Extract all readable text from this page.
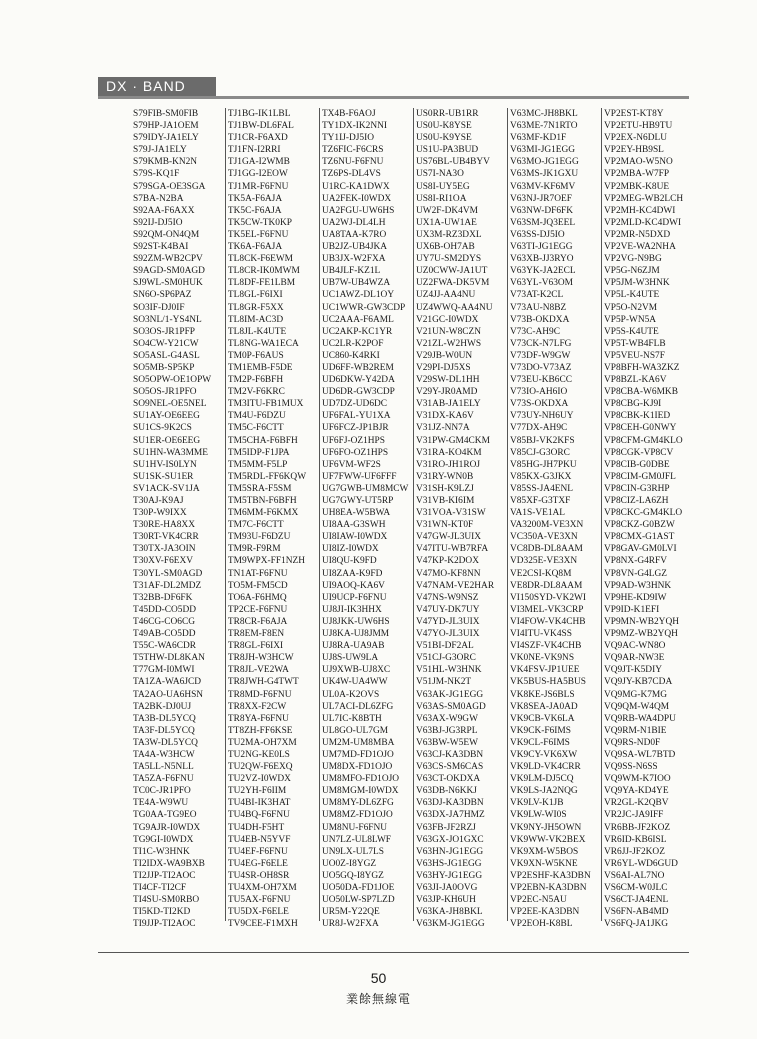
DX · BAND
S79FIB-SM0FIB
S79HP-JA1OEM
S79IDY-JA1ELY
S79J-JA1ELY
S79KMB-KN2N
S79S-KQ1F
S79SGA-OE3SGA
S7BA-N2BA
S92AA-F6AXX
S92IJ-DJ5IO
S92QM-ON4QM
S92ST-K4BAI
S92ZM-WB2CPV
S9AGD-SM0AGD
SJ9WL-SM0HUK
SN6O-SP6PAZ
SO3IF-DJ0IF
SO3NL/1-YS4NL
SO3OS-JR1PFP
SO4CW-Y21CW
SO5ASL-G4ASL
SO5MB-SP5KP
SO5OPW-OE1OPW
SO5OS-JR1PFO
SO9NEL-OE5NEL
SU1AY-OE6EEG
SU1CS-9K2CS
SU1ER-OE6EEG
SU1HN-WA3MME
SU1HV-IS0LYN
SU1SK-SU1ER
SV1ACK-SV1JA
T30AJ-K9AJ
T30P-W9IXX
T30RE-HA8XX
T30RT-VK4CRR
T30TX-JA3OIN
T30XV-F6EXV
T30YL-SM0AGD
T31AF-DL2MDZ
T32BB-DF6FK
T45DD-CO5DD
T46CG-CO6CG
T49AB-CO5DD
T55C-WA6CDR
T5THW-DL8KAN
T77GM-I0MWI
TA1ZA-WA6JCD
TA2AO-UA6HSN
TA2BK-DJ0UJ
TA3B-DL5YCQ
TA3F-DL5YCQ
TA3W-DL5YCQ
TA4A-W3HCW
TA5LL-N5NLL
TA5ZA-F6FNU
TC0C-JR1PFO
TE4A-W9WU
TG0AA-TG9EO
TG9AJR-I0WDX
TG9GI-I0WDX
TI1C-W3HNK
TI2IDX-WA9BXB
TI2JJP-TI2AOC
TI4CF-TI2CF
TI4SU-SM0RBO
TI5KD-TI2KD
TI9JJP-TI2AOC
TJ1BG-IK1LBL
TJ1BW-DL6FAL
TJ1CR-F6AXD
TJ1FN-I2RRI
TJ1GA-I2WMB
TJ1GG-I2EOW
TJ1MR-F6FNU
TK5A-F6AJA
TK5C-F6AJA
TK5CW-TK0KP
TK5EL-F6FNU
TK6A-F6AJA
TL8CK-F6EWM
TL8CR-IK0MWM
TL8DF-FE1LBM
TL8GL-F6IXI
TL8GR-F5XX
TL8IM-AC3D
TL8JL-K4UTE
TL8NG-WA1ECA
TM0P-F6AUS
TM1EMB-F5DE
TM2P-F6BFH
TM2V-F6KRC
TM3ITU-FB1MUX
TM4U-F6DZU
TM5C-F6CTT
TM5CHA-F6BFH
TM5IDP-F1JPA
TM5MM-F5LP
TM5RDL-FF6KQW
TM5SRA-F5SM
TM5TBN-F6BFH
TM6MM-F6KMX
TM7C-F6CTT
TM93U-F6DZU
TM9R-F9RM
TM9WPX-FF1NZH
TN1AT-F6FNU
TO5M-FM5CD
TO6A-F6HMQ
TP2CE-F6FNU
TR8CR-F6AJA
TR8EM-F8EN
TR8GL-F6IXI
TR8JH-W3HCW
TR8JL-VE2WA
TR8JWH-G4TWT
TR8MD-F6FNU
TR8XX-F2CW
TR8YA-F6FNU
TT8ZH-FF6KSE
TU2MA-OH7XM
TU2NG-KE0LS
TU2QW-F6EXQ
TU2VZ-I0WDX
TU2YH-F6IIM
TU4BI-IK3HAT
TU4BQ-F6FNU
TU4DH-F5HT
TU4EB-N5YVF
TU4EF-F6FNU
TU4EG-F6ELE
TU4SR-OH8SR
TU4XM-OH7XM
TU5AX-F6FNU
TU5DX-F6ELE
TV9CEE-F1MXH
TX4B-F6AOJ
TY1DX-IK2NNI
TY1IJ-DJ5IO
TZ6FIC-F6CRS
TZ6NU-F6FNU
TZ6PS-DL4VS
U1RC-KA1DWX
UA2FEK-I0WDX
UA2FGU-UW6HS
UA2WJ-DL4LH
UA8TAA-K7RO
UB2JZ-UB4JKA
UB3JX-W2FXA
UB4JLF-KZ1L
UB7W-UB4WZA
UC1AWZ-DL1OY
UC1WWR-GW3CDP
UC2AAA-F6AML
UC2AKP-KC1YR
UC2LR-K2POF
UC860-K4RKI
UD6FF-WB2REM
UD6DKW-Y42DA
UD6DR-GW3CDP
UD7DZ-UD6DC
UF6FAL-YU1XA
UF6FCZ-JP1BJR
UF6FJ-OZ1HPS
UF6FO-OZ1HPS
UF6VM-WF2S
UF7FWW-UF6FFF
UG7GWB-UM8MCW
UG7GWY-UT5RP
UH8EA-W5BWA
UI8AA-G3SWH
UI8IAW-I0WDX
UI8IZ-I0WDX
UI8QU-K9FD
UI8ZAA-K9FD
UI9AOQ-KA6V
UI9UCP-F6FNU
UJ8JI-IK3HHX
UJ8JKK-UW6HS
UJ8KA-UJ8JMM
UJ8RA-UA9AB
UJ8S-UW9LA
UJ9XWB-UJ8XC
UK4W-UA4WW
UL0A-K2OVS
UL7ACI-DL6ZFG
UL7IC-K8BTH
UL8GO-UL7GM
UM2M-UM8MBA
UM7MD-FD1OJO
UM8DX-FD1OJO
UM8MFO-FD1OJO
UM8MGM-I0WDX
UM8MY-DL6ZFG
UM8MZ-FD1OJO
UM8NU-F6FNU
UN7LZ-UL8LWF
UN9LX-UL7LS
UO0Z-I8YGZ
UO5GQ-I8YGZ
UO50DA-FD1JOE
UO50LW-SP7LZD
UR5M-Y22QE
UR8J-W2FXA
US0RR-UB1RR
US0U-K8YSE
US0U-K9YSE
US1U-PA3BUD
US76BL-UB4BYV
US7I-NA3O
US8I-UY5EG
US8I-RI1OA
UW2F-DK4VM
UX1A-UW1AE
UX3M-RZ3DXL
UX6B-OH7AB
UY7U-SM2DYS
UZ0CWW-JA1UT
UZ2FWA-DK5VM
UZ4JJ-AA4NU
UZ4WWQ-AA4NU
V21GC-I0WDX
V21UN-W8CZN
V21ZL-W2HWS
V29JB-W0UN
V29PI-DJ5XS
V29SW-DL1HH
V29Y-JR0AMD
V31AB-JA1ELY
V31DX-KA6V
V31JZ-NN7A
V31PW-GM4CKM
V31RA-KO4KM
V31RO-JH1ROJ
V31RY-WN0B
V31SH-K9LZJ
V31VB-KI6IM
V31VOA-V31SW
V31WN-KT0F
V47GW-JL3UIX
V47ITU-WB7RFA
V47KP-K2DOX
V47MO-KF8NN
V47NAM-VE2HAR
V47NS-W9NSZ
V47UY-DK7UY
V47YD-JL3UIX
V47YO-JL3UIX
V51BI-DF2AL
V51CJ-G3ORC
V51HL-W3HNK
V51JM-NK2T
V63AK-JG1EGG
V63AS-SM0AGD
V63AX-W9GW
V63BJ-JG3RPL
V63BW-W5EW
V63CJ-KA3DBN
V63CS-SM6CAS
V63CT-OKDXA
V63DB-N6KKJ
V63DJ-KA3DBN
V63DX-JA7HMZ
V63FB-JF2RZJ
V63GX-JO1GXC
V63HN-JG1EGG
V63HS-JG1EGG
V63HY-JG1EGG
V63JI-JA0OVG
V63JP-KH6UH
V63KA-JH8BKL
V63KM-JG1EGG
V63MC-JH8BKL
V63ME-7N1RTO
V63MF-KD1F
V63MI-JG1EGG
V63MO-JG1EGG
V63MS-JK1GXU
V63MV-KF6MV
V63NJ-JR7OEF
V63NW-DF6FK
V63SM-JQ3EEL
V63SS-DJ5IO
V63TI-JG1EGG
V63XB-JJ3RYO
V63YK-JA2ECL
V63YL-V63OM
V73AT-K2CL
V73AU-N8BZ
V73B-OKDXA
V73C-AH9C
V73CK-N7LFG
V73DF-W9GW
V73DO-V73AZ
V73EU-KB6CC
V73IO-AH6IO
V73S-OKDXA
V73UY-NH6UY
V77DX-AH9C
V85BJ-VK2KFS
V85CJ-G3ORC
V85HG-JH7PKU
V85KX-G3JKX
V85SS-JA4ENL
V85XF-G3TXF
VA1S-VE1AL
VA3200M-VE3XN
VC350A-VE3XN
VC8DB-DL8AAM
VD325E-VE3XN
VE2CSI-KQ8M
VE8DR-DL8AAM
VI150SYD-VK2WI
VI3MEL-VK3CRP
VI4FOW-VK4CHB
VI4ITU-VK4SS
VI4SZF-VK4CHB
VK0NE-VK9NS
VK4FSV-JP1UEE
VK5BUS-HA5BUS
VK8KE-JS6BLS
VK8SEA-JA0AD
VK9CB-VK6LA
VK9CK-F6IMS
VK9CL-F6IMS
VK9CY-VK6XW
VK9LD-VK4CRR
VK9LM-DJ5CQ
VK9LS-JA2NQG
VK9LV-K1JB
VK9LW-WI0S
VK9NY-JH5OWN
VK9WW-VK2BEX
VK9XM-W5BOS
VK9XN-W5KNE
VP2ESHF-KA3DBN
VP2EBN-KA3DBN
VP2EC-N5AU
VP2EE-KA3DBN
VP2EOH-K8BL
VP2EST-KT8Y
VP2ETU-HB9TU
VP2EX-N6DLU
VP2EY-HB9SL
VP2MAO-W5NO
VP2MBA-W7FP
VP2MBK-K8UE
VP2MEG-WB2LCH
VP2MH-KC4DWI
VP2MLD-KC4DWI
VP2MR-N5DXD
VP2VE-WA2NHA
VP2VG-N9BG
VP5G-N6ZJM
VP5JM-W3HNK
VP5L-K4UTE
VP5O-N2VM
VP5P-WN5A
VP5S-K4UTE
VP5T-WB4FLB
VP5VEU-NS7F
VP8BFH-WA3ZKZ
VP8BZL-KA6V
VP8CBA-W6MKB
VP8CBG-KJ9I
VP8CBK-K1IED
VP8CEH-G0NWY
VP8CFM-GM4KLO
VP8CGK-VP8CV
VP8CIB-G0DBE
VP8CIM-GM0JFL
VP8CIN-G3RHP
VP8CIZ-LA6ZH
VP8CKC-GM4KLO
VP8CKZ-G0BZW
VP8CMX-G1AST
VP8GAV-GM0LVI
VP8NX-G4RFV
VP8VN-G4LGZ
VP9AD-W3HNK
VP9HE-KD9IW
VP9ID-K1EFI
VP9MN-WB2YQH
VP9MZ-WB2YQH
VQ9AC-WN8O
VQ9AR-NW3E
VQ9JT-K5DIY
VQ9JY-KB7CDA
VQ9MG-K7MG
VQ9QM-W4QM
VQ9RB-WA4DPU
VQ9RM-N1BIE
VQ9RS-ND0F
VQ9SA-WL7BTD
VQ9SS-N6SS
VQ9WM-K7IOO
VQ9YA-KD4YE
VR2GL-K2QBV
VR2JC-JA9IFF
VR6BB-JF2KOZ
VR6ID-KB6ISL
VR6JJ-JF2KOZ
VR6YL-WD6GUD
VS6AI-AL7NO
VS6CM-W0JLC
VS6CT-JA4ENL
VS6FN-AB4MD
VS6FQ-JA1JKG
50
業餘無線電
